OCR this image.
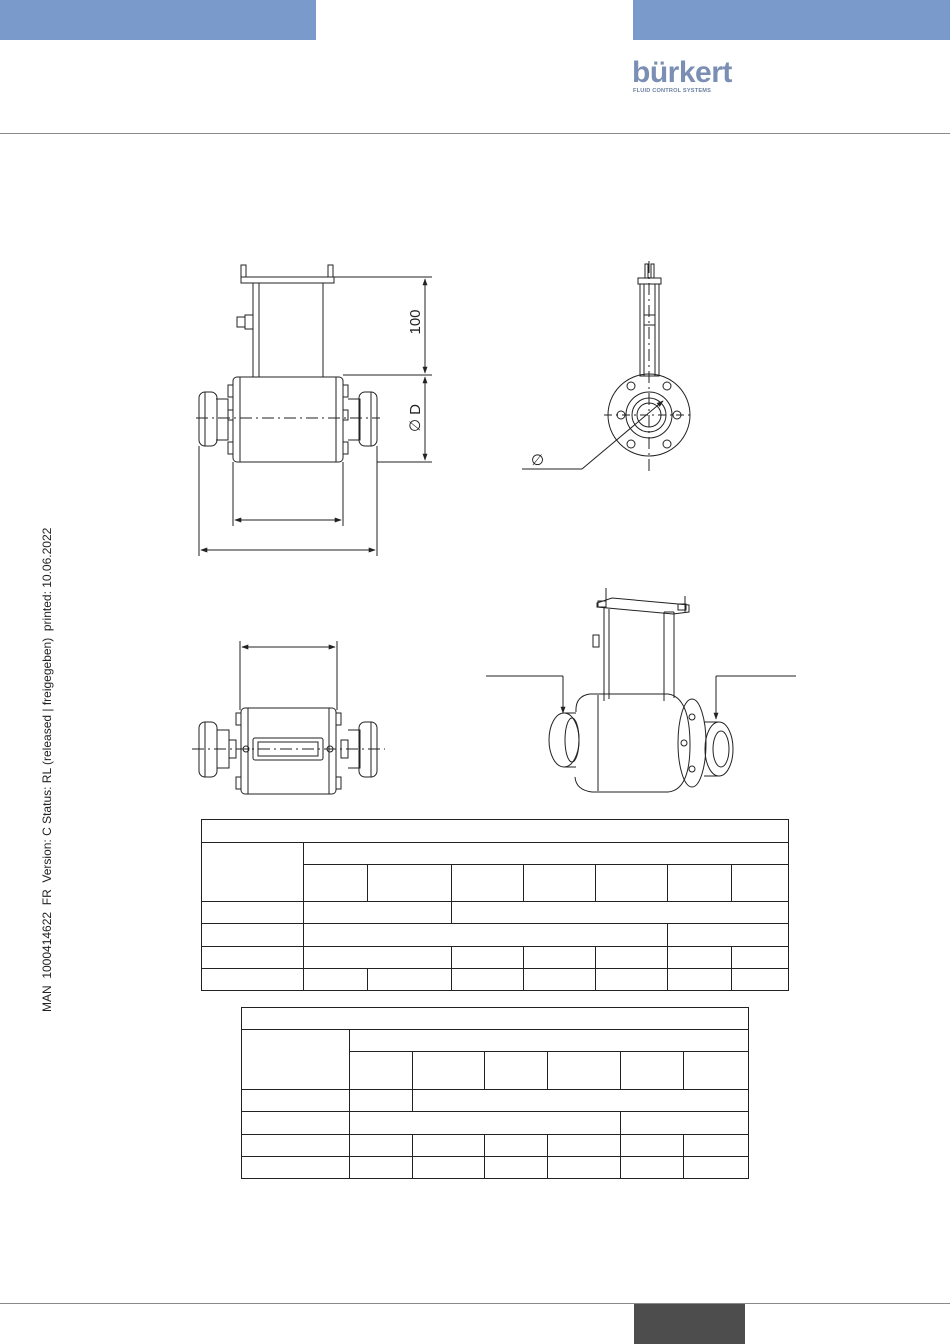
bürkert
FLUID CONTROL SYSTEMS
MAN  1000414622  FR  Version: C Status: RL (released | freigegeben)  printed: 10.06.2022
100
∅ D
∅
